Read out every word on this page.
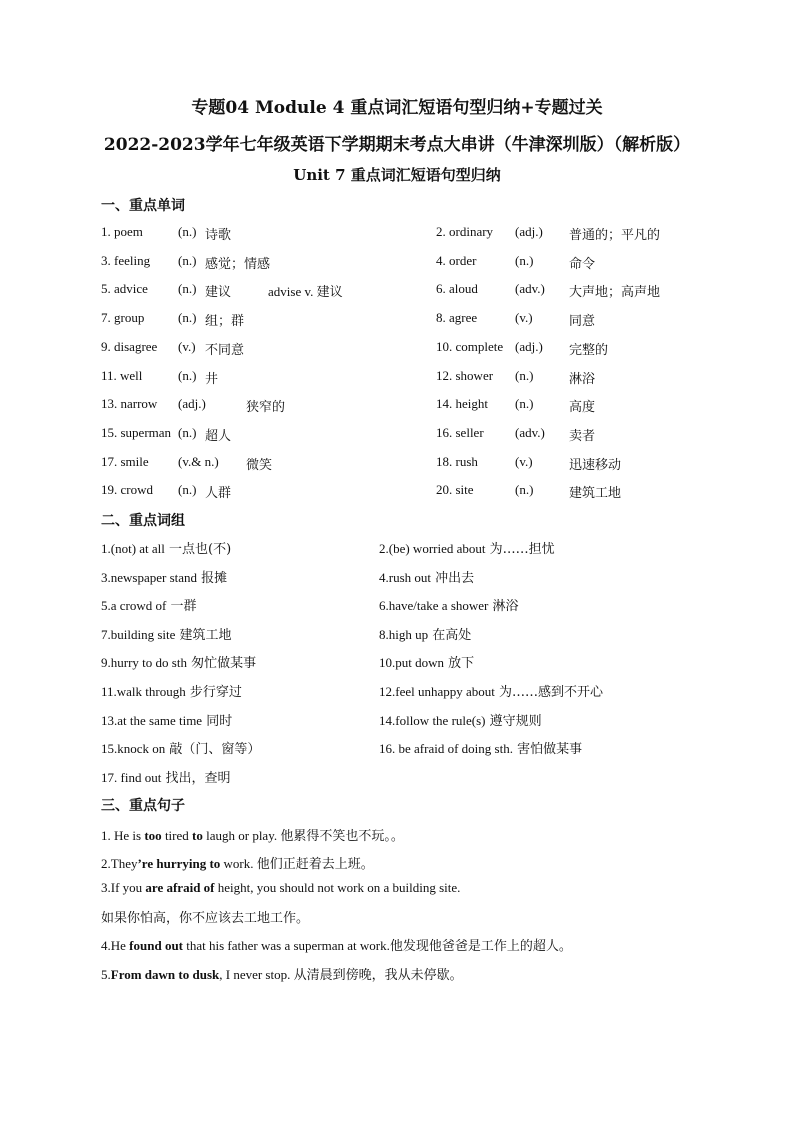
专题04 Module 4 重点词汇短语句型归纳+专题过关
2022-2023学年七年级英语下学期期末考点大串讲（牛津深圳版）（解析版）
Unit 7 重点词汇短语句型归纳
一、重点单词
1. poem	(n.) 诗歌	2. ordinary (adj.) 普通的；平凡的
3. feeling (n.) 感觉；情感	4. order	(n.)	命令
5. advice (n.) 建议	advise v. 建议	6. aloud	(adv.) 大声地；高声地
7. group	(n.) 组；群	8. agree	(v.)	同意
9. disagree (v.) 不同意	10. complete (adj.) 完整的
11. well	(n.) 井	12. shower (n.)	淋浴
13. narrow (adj.)	狭窄的	14. height (n.)	高度
15. superman (n.) 超人	16. seller (adv.) 卖者
17. smile (v.& n.) 微笑	18. rush	(v.)	迅速移动
19. crowd (n.) 人群	20. site	(n.)	建筑工地
二、重点词组
1.(not) at all 一点也(不)	2.(be) worried about 为……担忧
3.newspaper stand 报摊	4.rush out 冲出去
5.a crowd of 一群	6.have/take a shower 淋浴
7.building site 建筑工地	8.high up 在高处
9.hurry to do sth 匆忙做某事	10.put down 放下
11.walk through 步行穿过	12.feel unhappy about 为……感到不开心
13.at the same time 同时	14.follow the rule(s) 遵守规则
15.knock on 敲（门、窗等）	16. be afraid of doing sth. 害怕做某事
17. find out 找出，查明
三、重点句子
1. He is too tired to laugh or play. 他累得不笑也不玩。。
2.They’re hurrying to work. 他们正赶着去上班。
3.If you are afraid of height, you should not work on a building site.
如果你怕高，你不应该去工地工作。
4.He found out that his father was a superman at work.他发现他爸爸是工作上的超人。
5.From dawn to dusk, I never stop. 从清晨到傍晚，我从未停歇。
